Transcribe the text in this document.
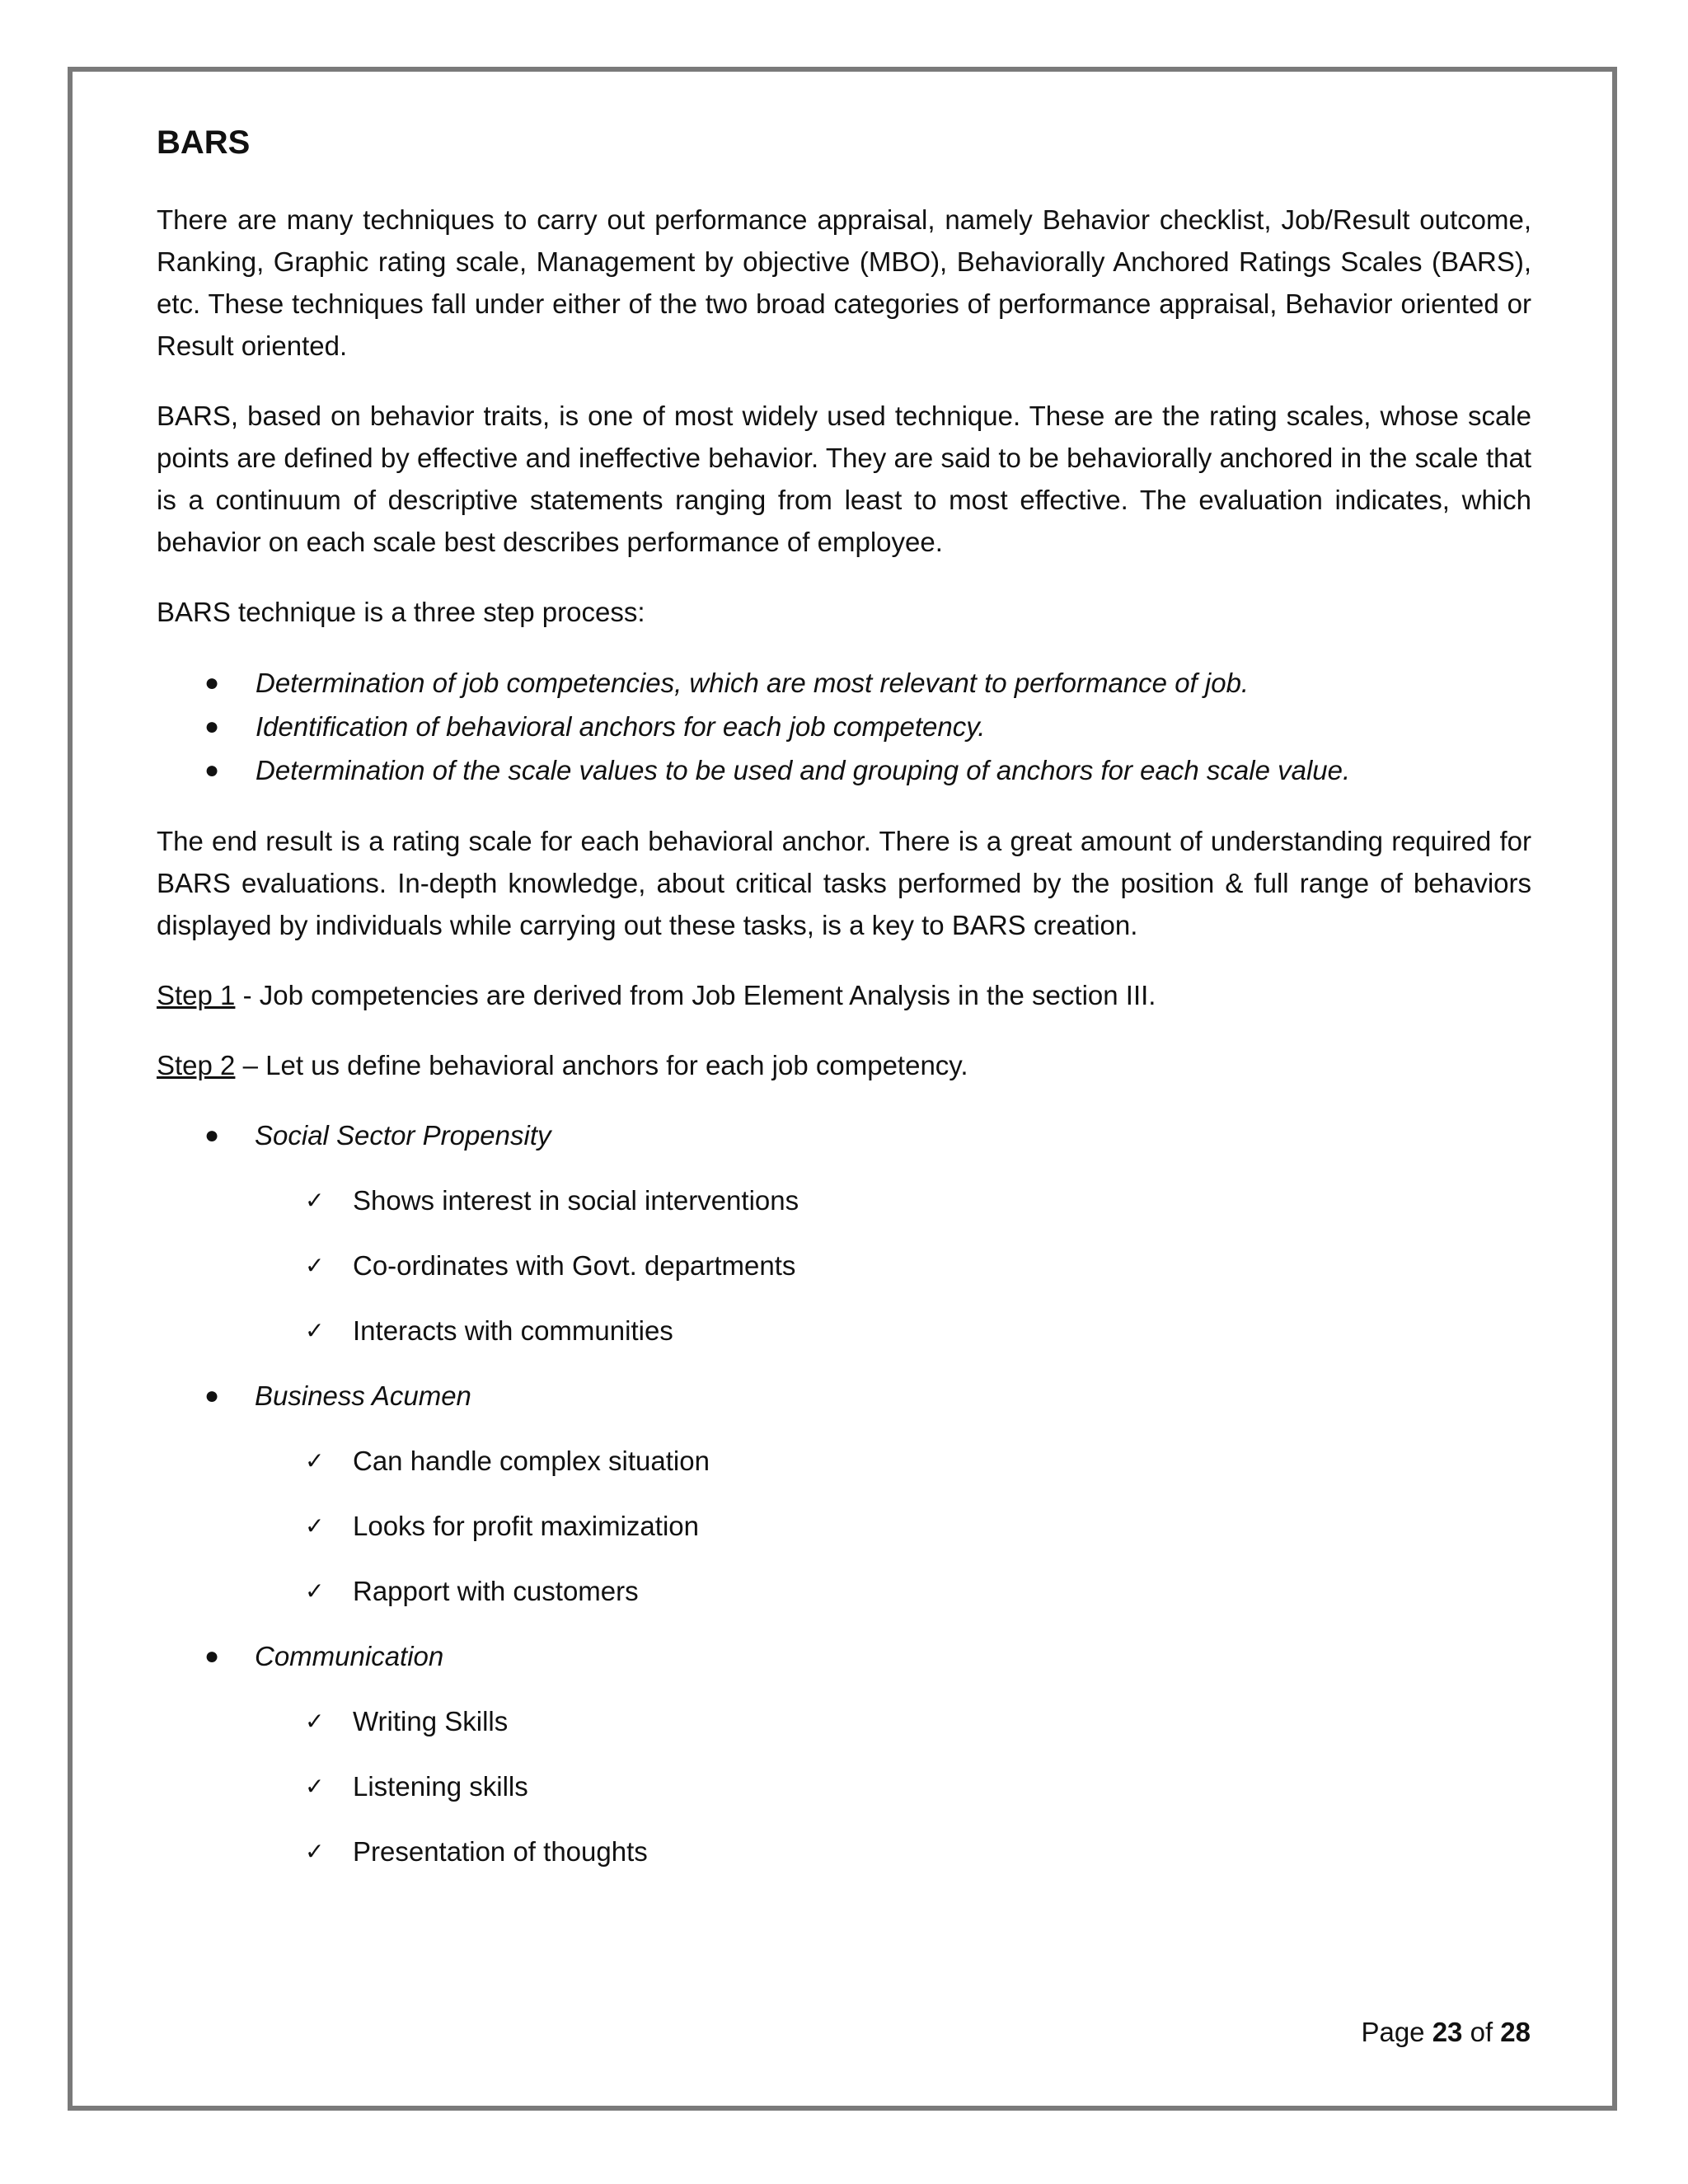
BARS

There are many techniques to carry out performance appraisal, namely Behavior checklist, Job/Result outcome, Ranking, Graphic rating scale, Management by objective (MBO), Behaviorally Anchored Ratings Scales (BARS), etc. These techniques fall under either of the two broad categories of performance appraisal, Behavior oriented or Result oriented.

BARS, based on behavior traits, is one of most widely used technique. These are the rating scales, whose scale points are defined by effective and ineffective behavior. They are said to be behaviorally anchored in the scale that is a continuum of descriptive statements ranging from least to most effective. The evaluation indicates, which behavior on each scale best describes performance of employee.

BARS technique is a three step process:

● Determination of job competencies, which are most relevant to performance of job.
● Identification of behavioral anchors for each job competency.
● Determination of the scale values to be used and grouping of anchors for each scale value.

The end result is a rating scale for each behavioral anchor. There is a great amount of understanding required for BARS evaluations. In-depth knowledge, about critical tasks performed by the position & full range of behaviors displayed by individuals while carrying out these tasks, is a key to BARS creation.

Step 1 - Job competencies are derived from Job Element Analysis in the section III.
Step 2 – Let us define behavioral anchors for each job competency.
● Social Sector Propensity
✓ Shows interest in social interventions
✓ Co-ordinates with Govt. departments
✓ Interacts with communities
● Business Acumen
✓ Can handle complex situation
✓ Looks for profit maximization
✓ Rapport with customers
● Communication
✓ Writing Skills
✓ Listening skills
✓ Presentation of thoughts
Page 23 of 28
